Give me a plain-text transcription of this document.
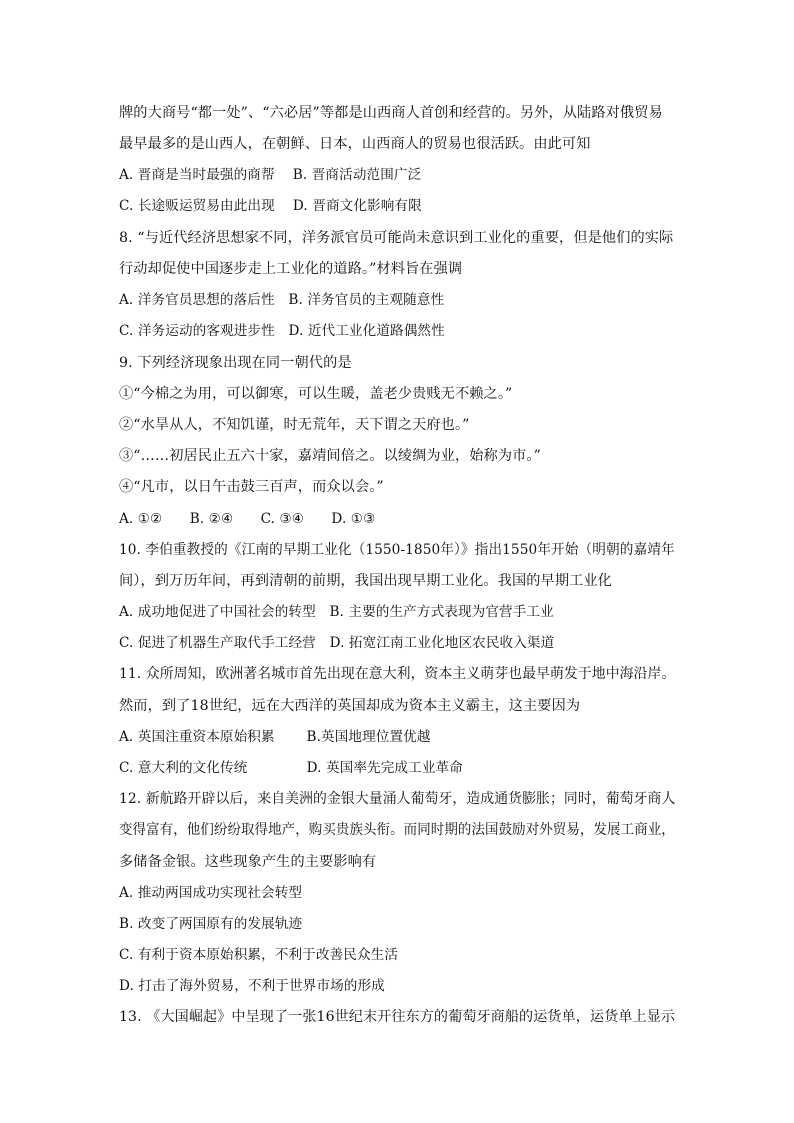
牌的大商号“都一处”、“六必居”等都是山西商人首创和经营的。另外，从陆路对俄贸易
最早最多的是山西人，在朝鲜、日本，山西商人的贸易也很活跃。由此可知
A. 晋商是当时最强的商帮　 B. 晋商活动范围广泛
C. 长途贩运贸易由此出现　 D. 晋商文化影响有限
8. “与近代经济思想家不同，洋务派官员可能尚未意识到工业化的重要，但是他们的实际
行动却促使中国逐步走上工业化的道路。”材料旨在强调
A. 洋务官员思想的落后性　B. 洋务官员的主观随意性
C. 洋务运动的客观进步性　D. 近代工业化道路偶然性
9. 下列经济现象出现在同一朝代的是
①“今棉之为用，可以御寒，可以生暖，盖老少贵贱无不赖之。”
②“水旱从人，不知饥谨，时无荒年，天下谓之天府也。”
③“……初居民止五六十家，嘉靖间倍之。以绫绸为业，始称为市。”
④“凡市，以日午击鼓三百声，而众以会。”
A. ①②　　B. ②④　　C. ③④　　D. ①③
10. 李伯重教授的《江南的早期工业化（1550-1850年）》指出1550年开始（明朝的嘉靖年
间），到万历年间，再到清朝的前期，我国出现早期工业化。我国的早期工业化
A. 成功地促进了中国社会的转型　B. 主要的生产方式表现为官营手工业
C. 促进了机器生产取代手工经营　D. 拓宽江南工业化地区农民收入渠道
11. 众所周知，欧洲著名城市首先出现在意大利，资本主义萌芽也最早萌发于地中海沿岸。
然而，到了18世纪，远在大西洋的英国却成为资本主义霸主，这主要因为
A. 英国注重资本原始积累　　 B.英国地理位置优越
C. 意大利的文化传统　　　　 D. 英国率先完成工业革命
12. 新航路开辟以后，来自美洲的金银大量涌人葡萄牙，造成通货膨胀；同时，葡萄牙商人
变得富有，他们纷纷取得地产，购买贵族头衔。而同时期的法国鼓励对外贸易，发展工商业，
多储备金银。这些现象产生的主要影响有
A. 推动两国成功实现社会转型
B. 改变了两国原有的发展轨迹
C. 有利于资本原始积累，不利于改善民众生活
D. 打击了海外贸易，不利于世界市场的形成
13. 《大国崛起》中呈现了一张16世纪末开往东方的葡萄牙商船的运货单，运货单上显示
